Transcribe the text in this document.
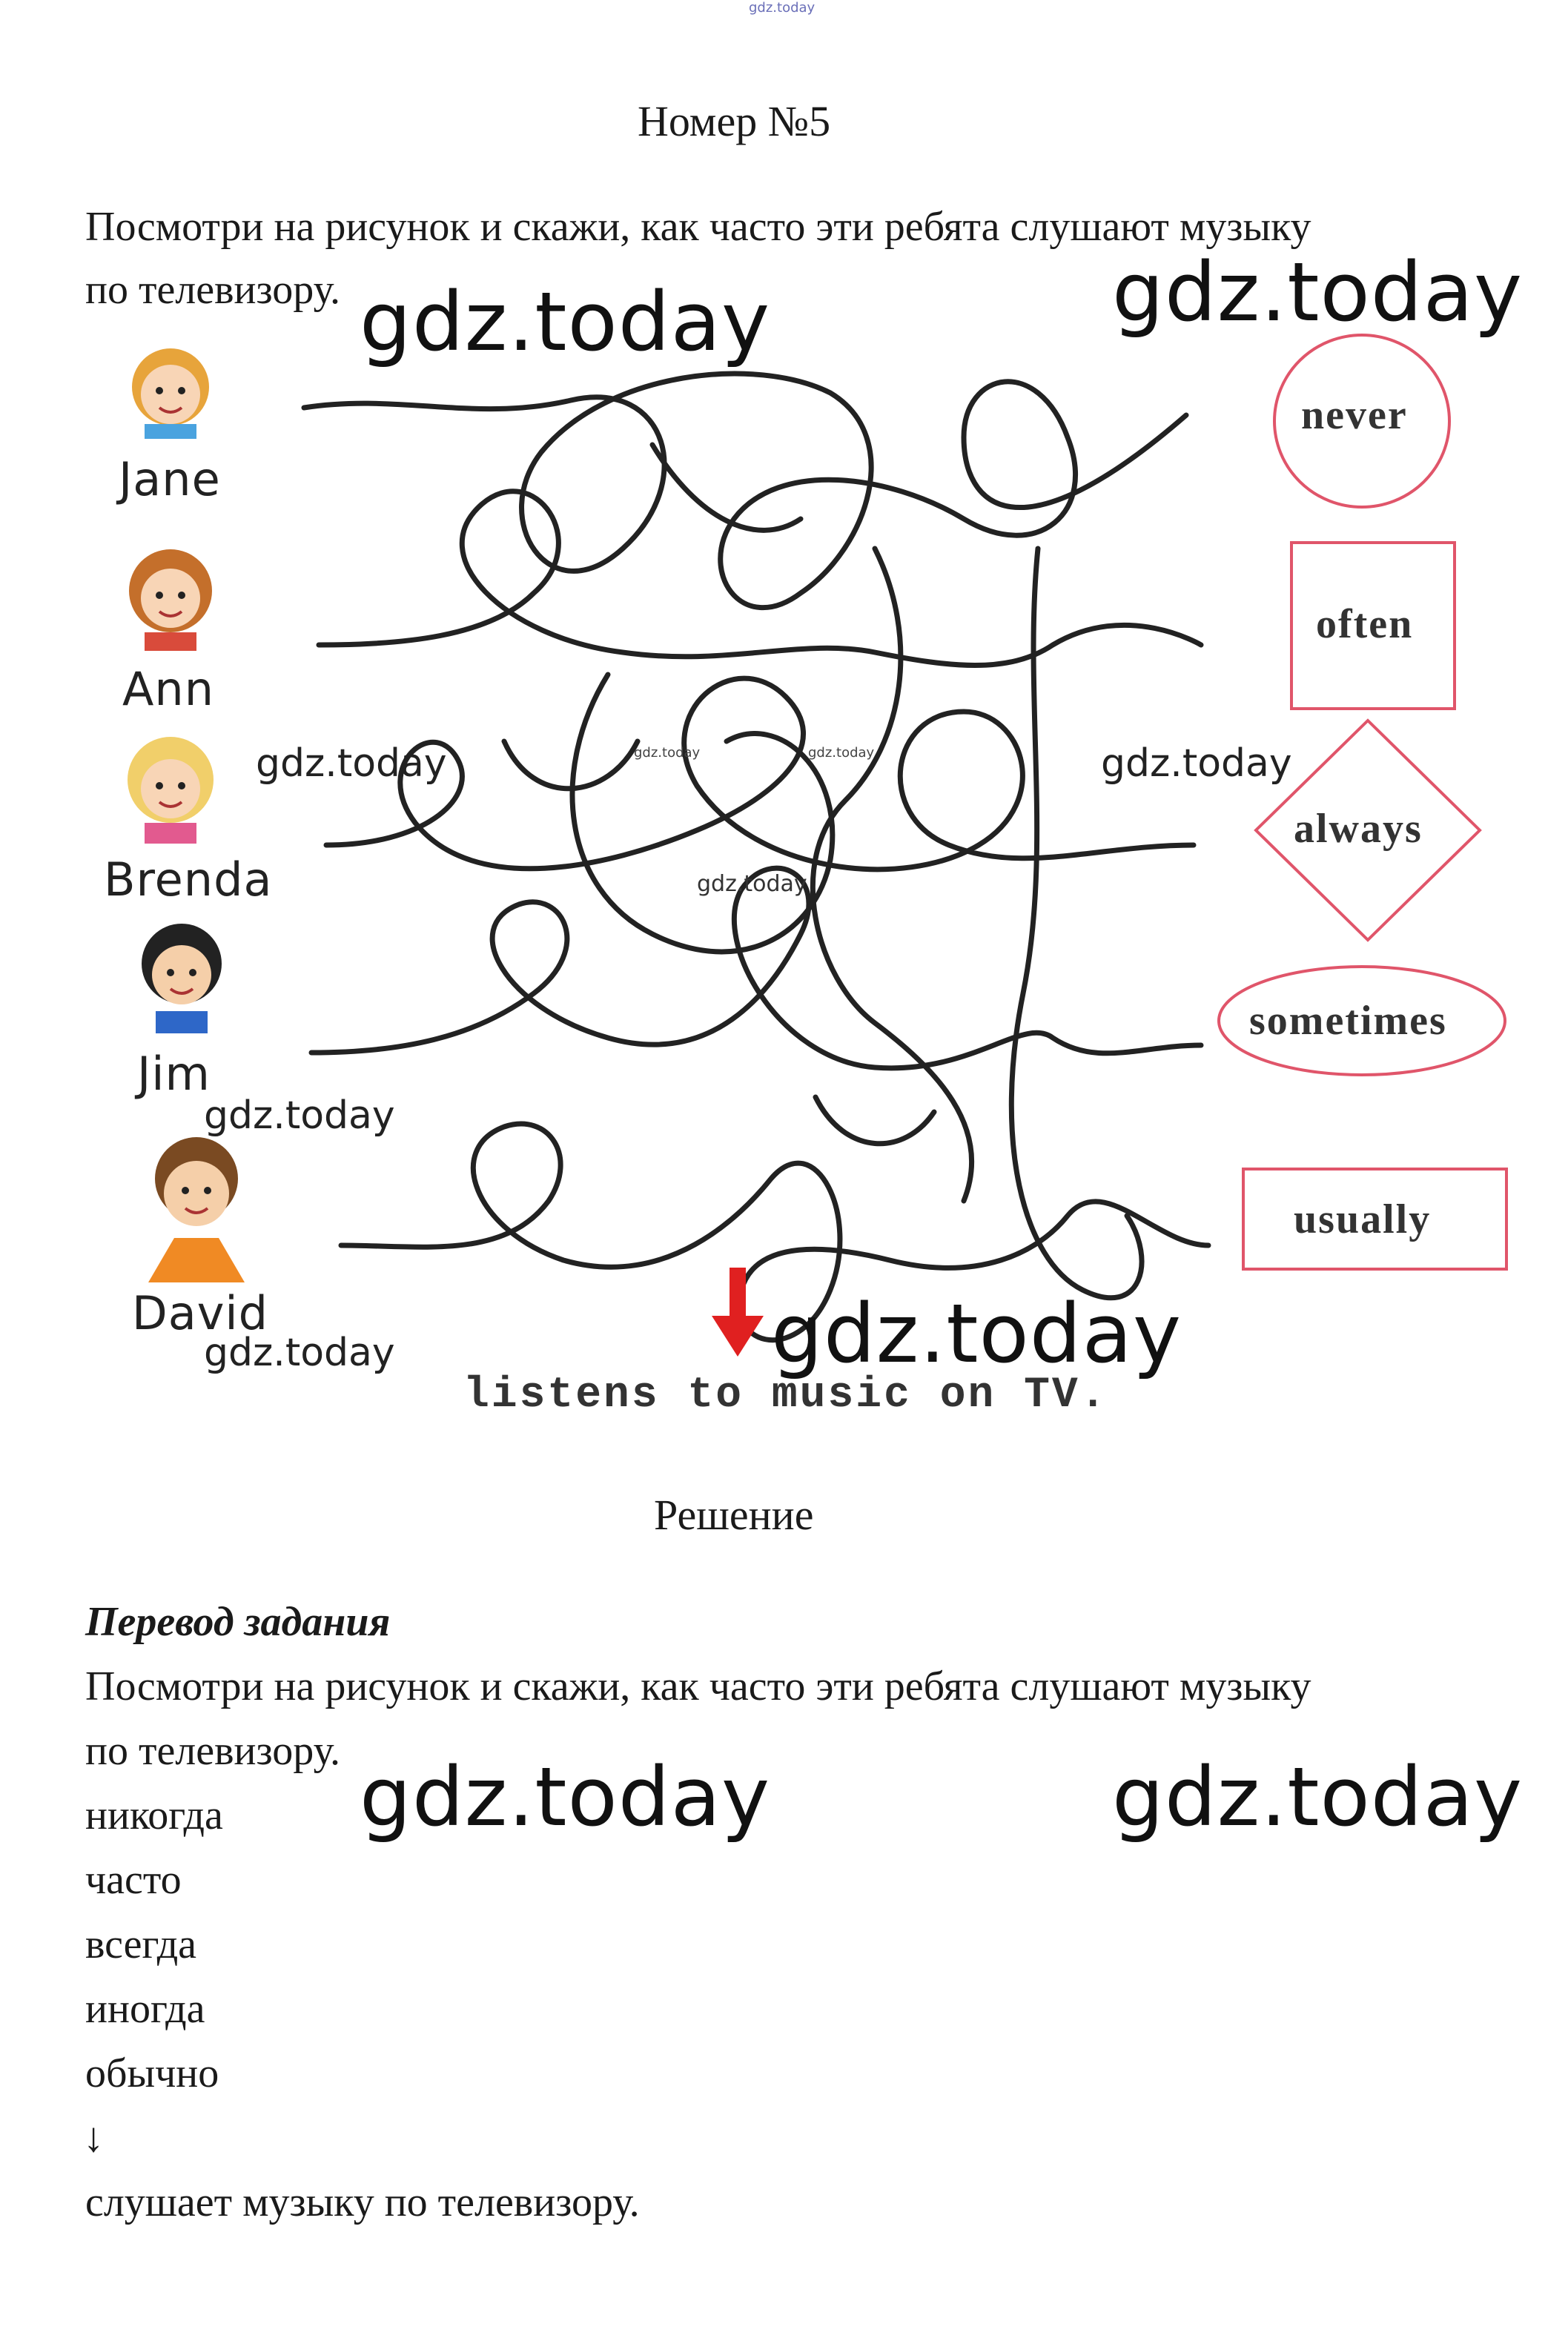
gdz.today
Номер №5
Посмотри на рисунок и скажи, как часто эти ребята слушают музыку
по телевизору. gdz.today	gdz.today
Jane
Ann
Brenda
Jim
David
never
often
always
sometimes
usually
listens to music on TV.
gdz.today	gdz.today
gdz.today
gdz.today	gdz.today
gdz.today	gdz.today
gdz.today
Решение
Перевод задания
Посмотри на рисунок и скажи, как часто эти ребята слушают музыку
по телевизору.
никогда
часто
всегда
иногда
обычно
↓
слушает музыку по телевизору.
gdz.today	gdz.today
